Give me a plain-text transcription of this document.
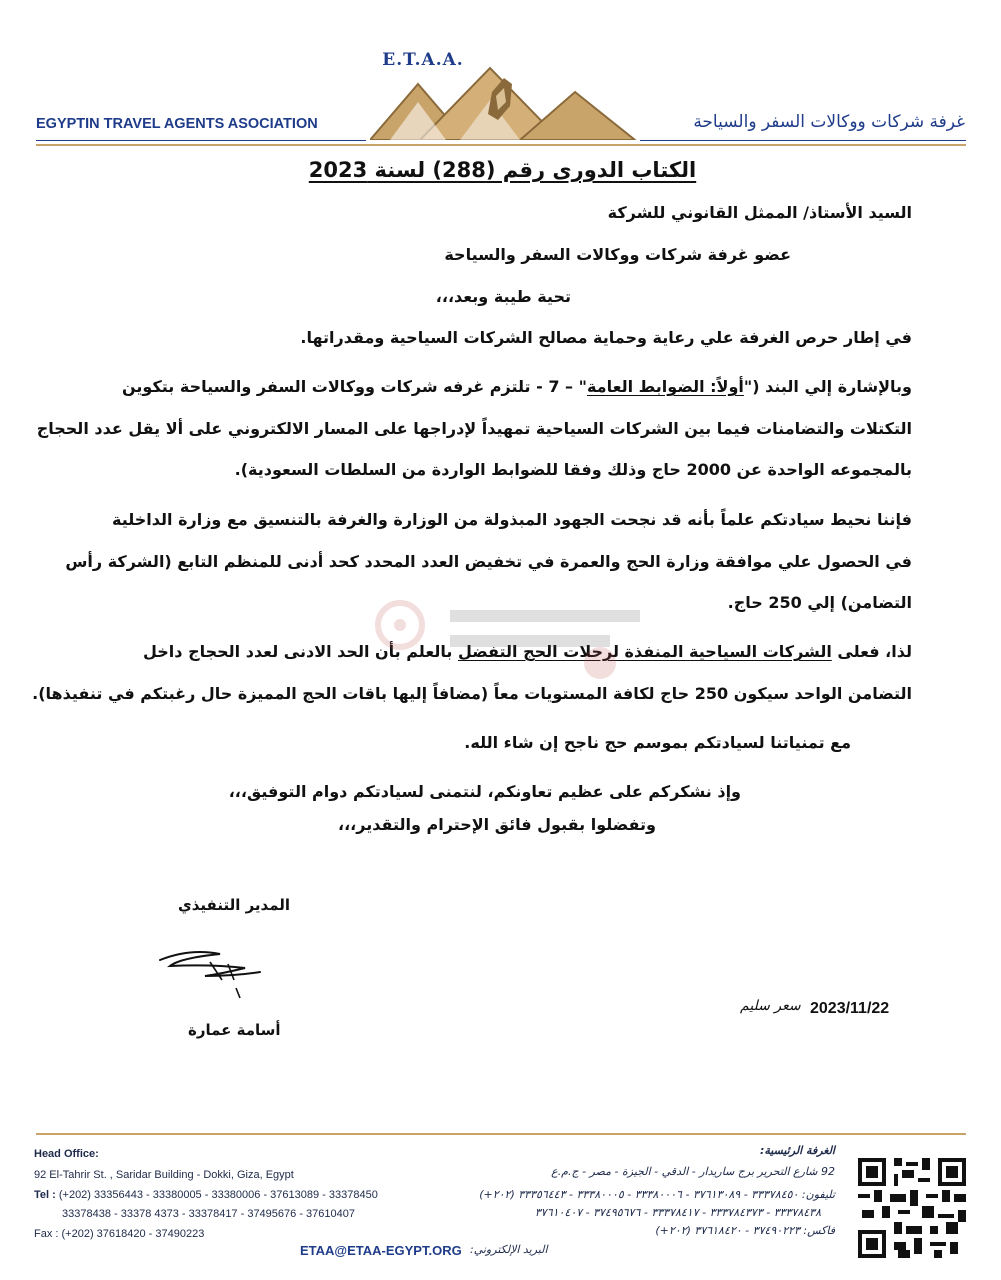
E.T.A.A.
EGYPTIN TRAVEL AGENTS ASOCIATION	غرفة شركات ووكالات السفر والسياحة
الكتاب الدورى رقم (288) لسنة 2023
السيد الأستاذ/ الممثل القانوني للشركة
عضو غرفة شركات ووكالات السفر والسياحة
تحية طيبة وبعد،،،
في إطار حرص الغرفة علي رعاية وحماية مصالح الشركات السياحية ومقدراتها.
وبالإشارة إلي البند ("أولاً: الضوابط العامة" – 7 - تلتزم غرفه شركات ووكالات السفر والسياحة بتكوين
التكتلات والتضامنات فيما بين الشركات السياحية تمهيداً لإدراجها على المسار الالكتروني على ألا يقل عدد الحجاج
بالمجموعه الواحدة عن 2000 حاج وذلك وفقا للضوابط الواردة من السلطات السعودية).
فإننا نحيط سيادتكم علماً بأنه قد نجحت الجهود المبذولة من الوزارة والغرفة بالتنسيق مع وزارة الداخلية
في الحصول علي موافقة وزارة الحج والعمرة في تخفيض العدد المحدد كحد أدنى للمنظم التابع (الشركة رأس
التضامن) إلي 250 حاج.
لذا، فعلى الشركات السياحية المنفذة لرحلات الحج التفضل بالعلم بأن الحد الادنى لعدد الحجاج داخل
التضامن الواحد سيكون 250 حاج لكافة المستويات معاً (مضافاً إليها باقات الحج المميزة حال رغبتكم في تنفيذها).
مع تمنياتنا لسيادتكم بموسم حج ناجح إن شاء الله.
وإذ نشكركم على عظيم تعاونكم، لنتمنى لسيادتكم دوام التوفيق،،،
وتفضلوا بقبول فائق الإحترام والتقدير،،،
المدير التنفيذي
أسامة عمارة
2023/11/22
سعر سليم
Head Office:
92 El-Tahrir St. , Saridar Building - Dokki, Giza, Egypt
Tel : (+202) 33356443 - 33380005 - 33380006 - 37613089 - 33378450
33378438 - 33378 4373 - 33378417 - 37495676 - 37610407
Fax : (+202) 37618420 - 37490223
الغرفة الرئيسية:
92 شارع التحرير برج ساريدار - الدقي - الجيزة - مصر - ج.م.ع
تليفون: ٣٣٣٧٨٤٥٠ - ٣٧٦١٣٠٨٩ - ٣٣٣٨٠٠٠٦ - ٣٣٣٨٠٠٠٥ - ٣٣٣٥٦٤٤٣ (٢٠٢+)
٣٣٣٧٨٤٣٨ - ٣٣٣٧٨٤٣٧٣ - ٣٣٣٧٨٤١٧ - ٣٧٤٩٥٦٧٦ - ٣٧٦١٠٤٠٧
فاكس: ٣٧٤٩٠٢٢٣ - ٣٧٦١٨٤٢٠ (٢٠٢+)
ETAA@ETAA-EGYPT.ORG البريد الإلكتروني:
